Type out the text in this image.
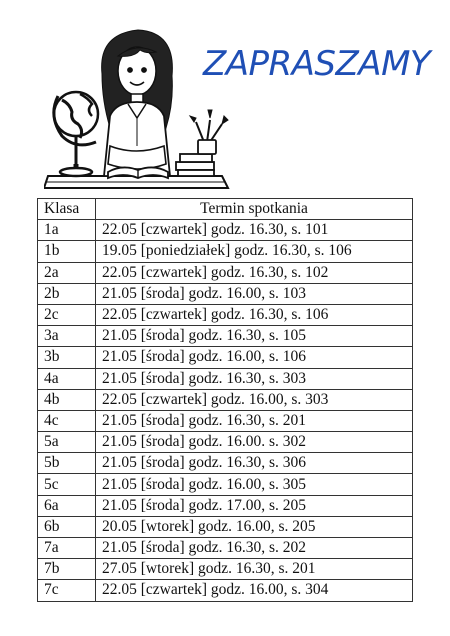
ZAPRASZAMY
Klasa	Termin spotkania
1a	22.05 [czwartek] godz. 16.30, s. 101
1b	19.05 [poniedziałek] godz. 16.30, s. 106
2a	22.05 [czwartek] godz. 16.30, s. 102
2b	21.05 [środa] godz. 16.00, s. 103
2c	22.05 [czwartek] godz. 16.30, s. 106
3a	21.05 [środa] godz. 16.30, s. 105
3b	21.05 [środa] godz. 16.00, s. 106
4a	21.05 [środa] godz. 16.30, s. 303
4b	22.05 [czwartek] godz. 16.00, s. 303
4c	21.05 [środa] godz. 16.30, s. 201
5a	21.05 [środa] godz. 16.00. s. 302
5b	21.05 [środa] godz. 16.30, s. 306
5c	21.05 [środa] godz. 16.00, s. 305
6a	21.05 [środa] godz. 17.00, s. 205
6b	20.05 [wtorek] godz. 16.00, s. 205
7a	21.05 [środa] godz. 16.30, s. 202
7b	27.05 [wtorek] godz. 16.30, s. 201
7c	22.05 [czwartek] godz. 16.00, s. 304
